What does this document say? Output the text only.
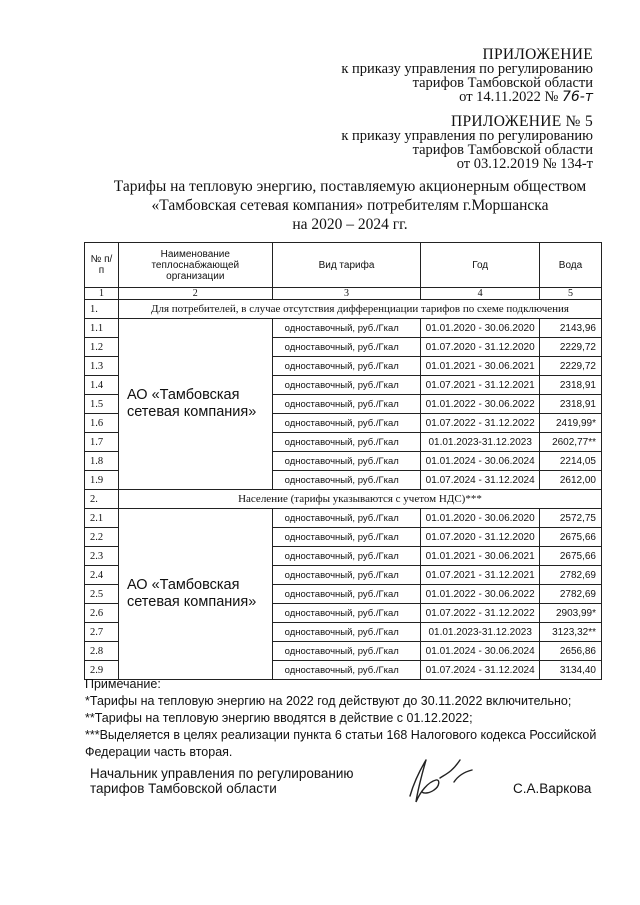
ПРИЛОЖЕНИЕ
к приказу управления по регулированию
тарифов Тамбовской области
от 14.11.2022 № 76-т
ПРИЛОЖЕНИЕ № 5
к приказу управления по регулированию
тарифов Тамбовской области
от 03.12.2019 № 134-т
Тарифы на тепловую энергию, поставляемую акционерным обществом
«Тамбовская сетевая компания» потребителям г.Моршанска
на 2020 – 2024 гг.
№ п/п	Наименование теплоснабжающей организации	Вид тарифа	Год	Вода
1	2	3	4	5
1.	Для потребителей, в случае отсутствия дифференциации тарифов по схеме подключения			
1.1	АО «Тамбовская сетевая компания»	одноставочный, руб./Гкал	01.01.2020 - 30.06.2020	2143,96
1.2		одноставочный, руб./Гкал	01.07.2020 - 31.12.2020	2229,72
1.3		одноставочный, руб./Гкал	01.01.2021 - 30.06.2021	2229,72
1.4		одноставочный, руб./Гкал	01.07.2021 - 31.12.2021	2318,91
1.5		одноставочный, руб./Гкал	01.01.2022 - 30.06.2022	2318,91
1.6		одноставочный, руб./Гкал	01.07.2022 - 31.12.2022	2419,99*
1.7		одноставочный, руб./Гкал	01.01.2023-31.12.2023	2602,77**
1.8		одноставочный, руб./Гкал	01.01.2024 - 30.06.2024	2214,05
1.9		одноставочный, руб./Гкал	01.07.2024 - 31.12.2024	2612,00
2.	Население (тарифы указываются с учетом НДС)***			
2.1	АО «Тамбовская сетевая компания»	одноставочный, руб./Гкал	01.01.2020 - 30.06.2020	2572,75
2.2		одноставочный, руб./Гкал	01.07.2020 - 31.12.2020	2675,66
2.3		одноставочный, руб./Гкал	01.01.2021 - 30.06.2021	2675,66
2.4		одноставочный, руб./Гкал	01.07.2021 - 31.12.2021	2782,69
2.5		одноставочный, руб./Гкал	01.01.2022 - 30.06.2022	2782,69
2.6		одноставочный, руб./Гкал	01.07.2022 - 31.12.2022	2903,99*
2.7		одноставочный, руб./Гкал	01.01.2023-31.12.2023	3123,32**
2.8		одноставочный, руб./Гкал	01.01.2024 - 30.06.2024	2656,86
2.9		одноставочный, руб./Гкал	01.07.2024 - 31.12.2024	3134,40
Примечание:
*Тарифы на тепловую энергию на 2022 год действуют до 30.11.2022 включительно;
**Тарифы на тепловую энергию вводятся в действие с 01.12.2022;
***Выделяется в целях реализации пункта 6 статьи 168 Налогового кодекса Российской Федерации часть вторая.
Начальник управления по регулированию
тарифов Тамбовской области	С.А.Варкова
